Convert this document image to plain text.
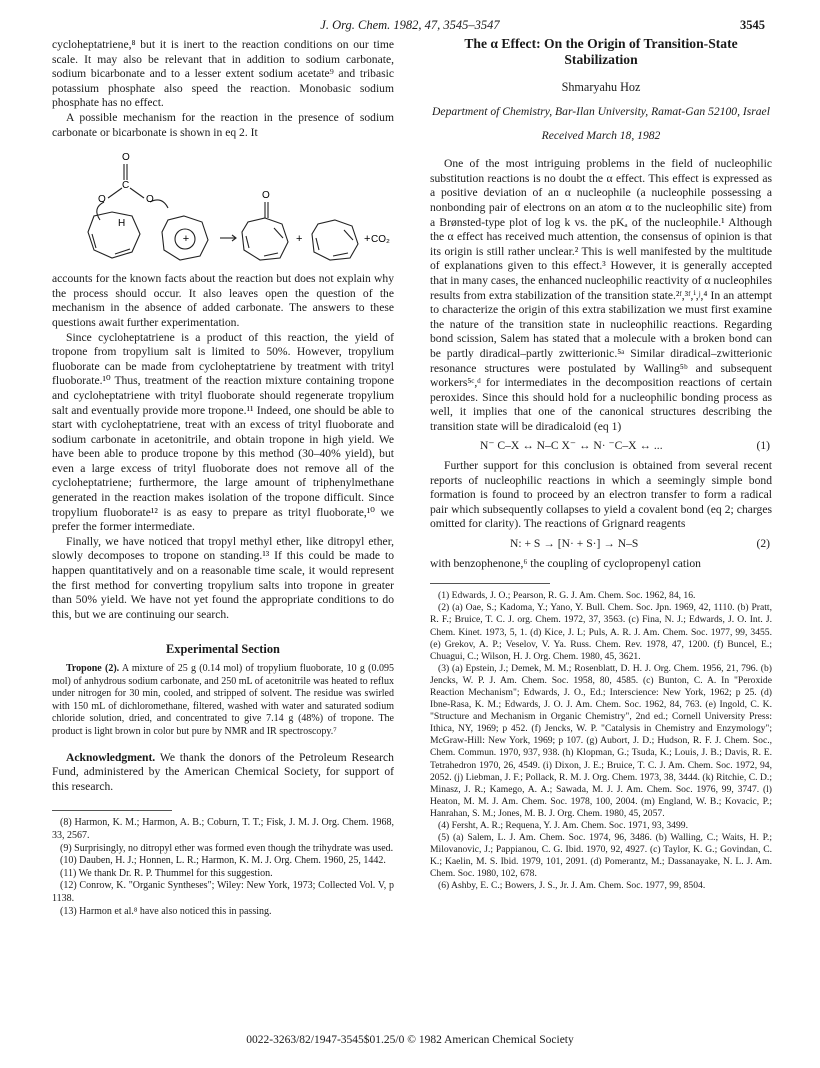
J. Org. Chem. 1982, 47, 3545–3547	3545

cycloheptatriene,⁸ but it is inert to the reaction conditions on our time scale. It may also be relevant that in addition to sodium carbonate, sodium bicarbonate and to a lesser extent sodium acetate⁹ and tribasic potassium phosphate also speed the reaction. Monobasic sodium phosphate has no effect.

A possible mechanism for the reaction in the presence of sodium carbonate or bicarbonate is shown in eq 2. It

O
C
O	O
H
+
O
+	+ CO₂

accounts for the known facts about the reaction but does not explain why the process should occur. It also leaves open the question of the mechanism in the absence of added carbonate. The answers to these questions await further experimentation.

Since cycloheptatriene is a product of this reaction, the yield of tropone from tropylium salt is limited to 50%. However, tropylium fluoborate can be made from cycloheptatriene by treatment with trityl fluoborate.¹⁰ Thus, treatment of the reaction mixture containing tropone and cycloheptatriene with trityl fluoborate should regenerate tropylium salt and eventually provide more tropone.¹¹ Indeed, one should be able to start with cycloheptatriene, treat with an excess of trityl fluoborate and sodium carbonate in acetonitrile, and obtain tropone in high yield. We have been able to produce tropone by this method (30–40% yield), but even a large excess of trityl fluoborate does not remove all of the cycloheptatriene; furthermore, the large amount of triphenylmethane generated in the reaction makes isolation of the tropone difficult. Since tropylium fluoborate¹² is as easy to prepare as trityl fluoborate,¹⁰ we prefer the former intermediate.

Finally, we have noticed that tropyl methyl ether, like ditropyl ether, slowly decomposes to tropone on standing.¹³ If this could be made to happen quantitatively and on a reasonable time scale, it would represent the first method for converting tropylium salts into tropone in greater than 50% yield. We have not yet found the appropriate conditions to do this, but we are continuing our search.

Experimental Section

Tropone (2). A mixture of 25 g (0.14 mol) of tropylium fluoborate, 10 g (0.095 mol) of anhydrous sodium carbonate, and 250 mL of acetonitrile was heated to reflux under nitrogen for 30 min, cooled, and stripped of solvent. The residue was swirled with 150 mL of dichloromethane, filtered, washed with water and saturated sodium chloride solution, dried, and concentrated to give 7.14 g (48%) of tropone. The product is light brown in color but pure by NMR and IR spectroscopy.⁷

Acknowledgment. We thank the donors of the Petroleum Research Fund, administered by the American Chemical Society, for support of this research.

(8) Harmon, K. M.; Harmon, A. B.; Coburn, T. T.; Fisk, J. M. J. Org. Chem. 1968, 33, 2567.

(9) Surprisingly, no ditropyl ether was formed even though the trihydrate was used.

(10) Dauben, H. J.; Honnen, L. R.; Harmon, K. M. J. Org. Chem. 1960, 25, 1442.

(11) We thank Dr. R. P. Thummel for this suggestion.

(12) Conrow, K. "Organic Syntheses"; Wiley: New York, 1973; Collected Vol. V, p 1138.

(13) Harmon et al.⁸ have also noticed this in passing.

The α Effect: On the Origin of Transition-State Stabilization
Shmaryahu Hoz
Department of Chemistry, Bar-Ilan University, Ramat-Gan 52100, Israel
Received March 18, 1982

One of the most intriguing problems in the field of nucleophilic substitution reactions is no doubt the α effect. This effect is expressed as a positive deviation of an α nucleophile (a nucleophile possessing a nonbonding pair of electrons on an atom α to the nucleophilic site) from a Brønsted-type plot of log k vs. the pKₐ of the nucleophile.¹ Although the α effect has received much attention, the consensus of opinion is that its origin is still rather unclear.² This is well manifested by the multitude of explanations given to this effect.³ However, it is generally accepted that in many cases, the enhanced nucleophilic reactivity of α nucleophiles results from extra stabilization of the transition state.²ᶠ,³ᶠ,ⁱ,ʲ,⁴ In an attempt to characterize the origin of this extra stabilization we must first examine the nature of the transition state in nucleophilic reactions. Regarding bond scission, Salem has stated that a molecule with a broken bond can be partly diradical–partly zwitterionic.⁵ᵃ Similar diradical–zwitterionic resonance structures were postulated by Walling⁵ᵇ and subsequent workers⁵ᶜ,ᵈ for intermediates in the decomposition reactions of certain peroxides. Since this should hold for a nucleophilic bonding process as well, it implies that one of the canonical structures describing the transition state will be diradicaloid (eq 1)

N⁻ C–X ↔ N–C X⁻ ↔ N· ⁻C–X ↔ ...	(1)

Further support for this conclusion is obtained from several recent reports of nucleophilic reactions in which a seemingly simple bond formation is found to proceed by an electron transfer to form a radical pair which subsequently collapses to yield a covalent bond (eq 2; charges omitted for clarity). The reactions of Grignard reagents

N: + S → [N· + S·] → N–S	(2)

with benzophenone,⁶ the coupling of cyclopropenyl cation

(1) Edwards, J. O.; Pearson, R. G. J. Am. Chem. Soc. 1962, 84, 16.

(2) (a) Oae, S.; Kadoma, Y.; Yano, Y. Bull. Chem. Soc. Jpn. 1969, 42, 1110. (b) Pratt, R. F.; Bruice, T. C. J. org. Chem. 1972, 37, 3563. (c) Fina, N. J.; Edwards, J. O. Int. J. Chem. Kinet. 1973, 5, 1. (d) Kice, J. L; Puls, A. R. J. Am. Chem. Soc. 1977, 99, 3455. (e) Grekov, A. P.; Veselov, V. Ya. Russ. Chem. Rev. 1978, 47, 1200. (f) Buncel, E.; Chuagui, C.; Wilson, H. J. Org. Chem. 1980, 45, 3621.

(3) (a) Epstein, J.; Demek, M. M.; Rosenblatt, D. H. J. Org. Chem. 1956, 21, 796. (b) Jencks, W. P. J. Am. Chem. Soc. 1958, 80, 4585. (c) Bunton, C. A. In "Peroxide Reaction Mechanism"; Edwards, J. O., Ed.; Interscience: New York, 1962; p 25. (d) Ibne-Rasa, K. M.; Edwards, J. O. J. Am. Chem. Soc. 1962, 84, 763. (e) Ingold, C. K. "Structure and Mechanism in Organic Chemistry", 2nd ed.; Cornell University Press: Ithica, NY, 1969; p 452. (f) Jencks, W. P. "Catalysis in Chemistry and Enzymology"; McGraw-Hill: New York, 1969; p 107. (g) Aubort, J. D.; Hudson, R. F. J. Chem. Soc., Chem. Commun. 1970, 937, 938. (h) Klopman, G.; Tsuda, K.; Louis, J. B.; Davis, R. E. Tetrahedron 1970, 26, 4549. (i) Dixon, J. E.; Bruice, T. C. J. Am. Chem. Soc. 1972, 94, 2052. (j) Liebman, J. F.; Pollack, R. M. J. Org. Chem. 1973, 38, 3444. (k) Ritchie, C. D.; Minasz, J. R.; Kamego, A. A.; Sawada, M. J. J. Am. Chem. Soc. 1976, 99, 3747. (l) Heaton, M. M. J. Am. Chem. Soc. 1978, 100, 2004. (m) England, W. B.; Kovacic, P.; Hanrahan, S. M.; Jones, M. B. J. Org. Chem. 1980, 45, 2057.

(4) Fersht, A. R.; Requena, Y. J. Am. Chem. Soc. 1971, 93, 3499.

(5) (a) Salem, L. J. Am. Chem. Soc. 1974, 96, 3486. (b) Walling, C.; Waits, H. P.; Milovanovic, J.; Pappianou, C. G. Ibid. 1970, 92, 4927. (c) Taylor, K. G.; Govindan, C. K.; Kaelin, M. S. Ibid. 1979, 101, 2091. (d) Pomerantz, M.; Dassanayake, N. L. J. Am. Chem. Soc. 1980, 102, 678.

(6) Ashby, E. C.; Bowers, J. S., Jr. J. Am. Chem. Soc. 1977, 99, 8504.

0022-3263/82/1947-3545$01.25/0 © 1982 American Chemical Society
